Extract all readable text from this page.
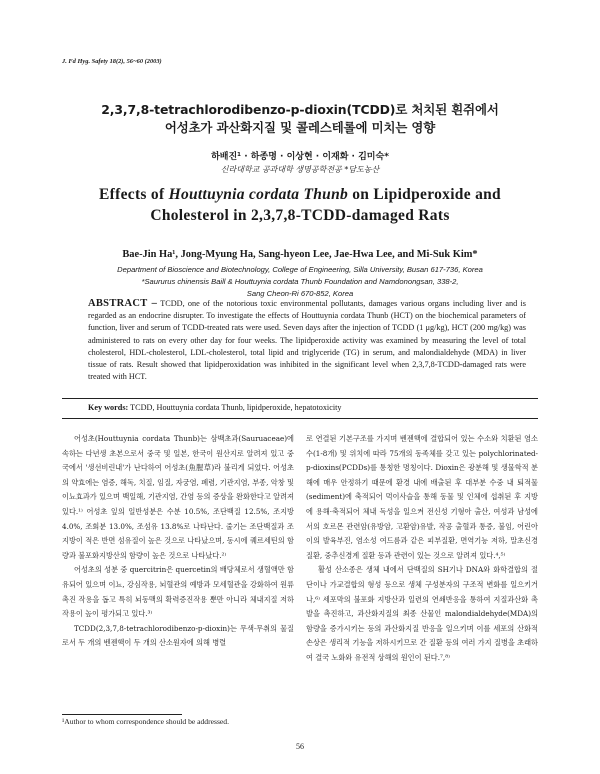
J. Fd Hyg. Safety 18(2), 56~60 (2003)
2,3,7,8-tetrachlorodibenzo-p-dioxin(TCDD)로 처치된 흰쥐에서
어성초가 과산화지질 및 콜레스테롤에 미치는 영향
하배진¹ · 하종명 · 이상현 · 이재화 · 김미숙*
신라대학교 공과대학 생명공학전공 *담도농산
Effects of Houttuynia cordata Thunb on Lipidperoxide and
Cholesterol in 2,3,7,8-TCDD-damaged Rats
Bae-Jin Ha¹, Jong-Myung Ha, Sang-hyeon Lee, Jae-Hwa Lee, and Mi-Suk Kim*
Department of Bioscience and Biotechnology, College of Engineering, Silla University, Busan 617-736, Korea
*Saururus chinensis Baill & Houttuynia cordata Thunb Foundation and Namdonongsan, 338-2,
Sang Cheon-Ri 670-852, Korea
ABSTRACT – TCDD, one of the notorious toxic environmental pollutants, damages various organs including liver and is regarded as an endocrine disrupter. To investigate the effects of Houttuynia cordata Thunb (HCT) on the biochemical parameters of function, liver and serum of TCDD-treated rats were used. Seven days after the injection of TCDD (1 μg/kg), HCT (200 mg/kg) was administered to rats on every other day for four weeks. The lipidperoxide activity was examined by measuring the level of total cholesterol, HDL-cholesterol, LDL-cholesterol, total lipid and triglyceride (TG) in serum, and malondialdehyde (MDA) in liver tissue of rats. Result showed that lipidperoxidation was inhibited in the significant level when 2,3,7,8-TCDD-damaged rats were treated with HCT.
Key words: TCDD, Houttuynia cordata Thunb, lipidperoxide, hepatotoxicity

어성초(Houttuynia cordata Thunb)는 삼백초과(Sauruaceae)에 속하는 다년생 초본으로서 중국 및 일본, 한국이 원산지로 알려져 있고 중국에서 '생선비린내'가 난다하여 어성초(魚腥草)라 불리게 되었다. 어성초의 약효에는 염증, 해독, 치질, 임질, 자궁염, 폐렴, 기관지염, 부종, 악창 및 이뇨효과가 있으며 백일해, 기관지염, 간염 등의 증상을 완화한다고 알려져 있다.¹⁾ 어성초 잎의 일반성분은 수분 10.5%, 조단백질 12.5%, 조지방 4.0%, 조회분 13.0%, 조섬유 13.8%로 나타난다. 줄기는 조단백질과 조지방이 적은 반면 섬유질이 높은 것으로 나타났으며, 동시에 퀘르세틴의 함량과 불포화지방산의 함량이 높은 것으로 나타났다.²⁾

어성초의 성분 중 quercitrin은 quercetin의 배당체로서 생혈액만 함유되어 있으며 이뇨, 강심작용, 뇌혈관의 예방과 모세혈관을 강화하여 원류촉진 작용을 돕고 특히 뇌동맥의 확력증진작용 뿐만 아니라 체내지질 저하 작용이 높이 평가되고 있다.³⁾

TCDD(2,3,7,8-tetrachlorodibenzo-p-dioxin)는 무색·무취의 물질로서 두 개의 벤젠핵이 두 개의 산소원자에 의해 병렬

로 연결된 기본구조를 가지며 벤젠핵에 결합되어 있는 수소와 치환된 염소수(1-8개) 및 위치에 따라 75개의 동족체를 갖고 있는 polychlorinated-p-dioxins(PCDDs)를 통칭한 명칭이다. Dioxin은 광분해 및 생물학적 분해에 매우 안정하기 때문에 환경 내에 배출된 후 대부분 수중 내 퇴적물(sediment)에 축적되어 먹이사슬을 통해 동물 및 인체에 섭취된 후 지방에 용해·축적되어 체내 독성을 일으켜 전신성 기형아 출산, 여성과 남성에서의 호르몬 관련암(유방암, 고환암)유발, 작공 출혈과 통증, 불임, 어린아이의 발육부진, 염소성 여드름과 같은 피부질환, 면역기능 저하, 말초신경질환, 중추신경계 질환 등과 관련이 있는 것으로 알려져 있다.⁴,⁵⁾

활성 산소종은 생체 내에서 단백질의 SH기나 DNA와 화학결합의 절단이나 가교결합의 형성 등으로 생체 구성분자의 구조적 변화를 일으키거나,⁶⁾ 세포막의 불포화 지방산과 일련의 연쇄반응을 통하여 지질과산화 촉발을 촉진하고, 과산화지질의 최종 산물인 malondialdehyde(MDA)의 함량을 증가시키는 등의 과산화지질 반응을 일으키며 이를 세포의 산화적 손상은 생리적 기능을 저하시키므로 간 질환 등의 여러 가지 질병을 초래하여 결국 노화와 유전적 상해의 원인이 된다.⁷,⁸⁾

¹Author to whom correspondence should be addressed.
56
